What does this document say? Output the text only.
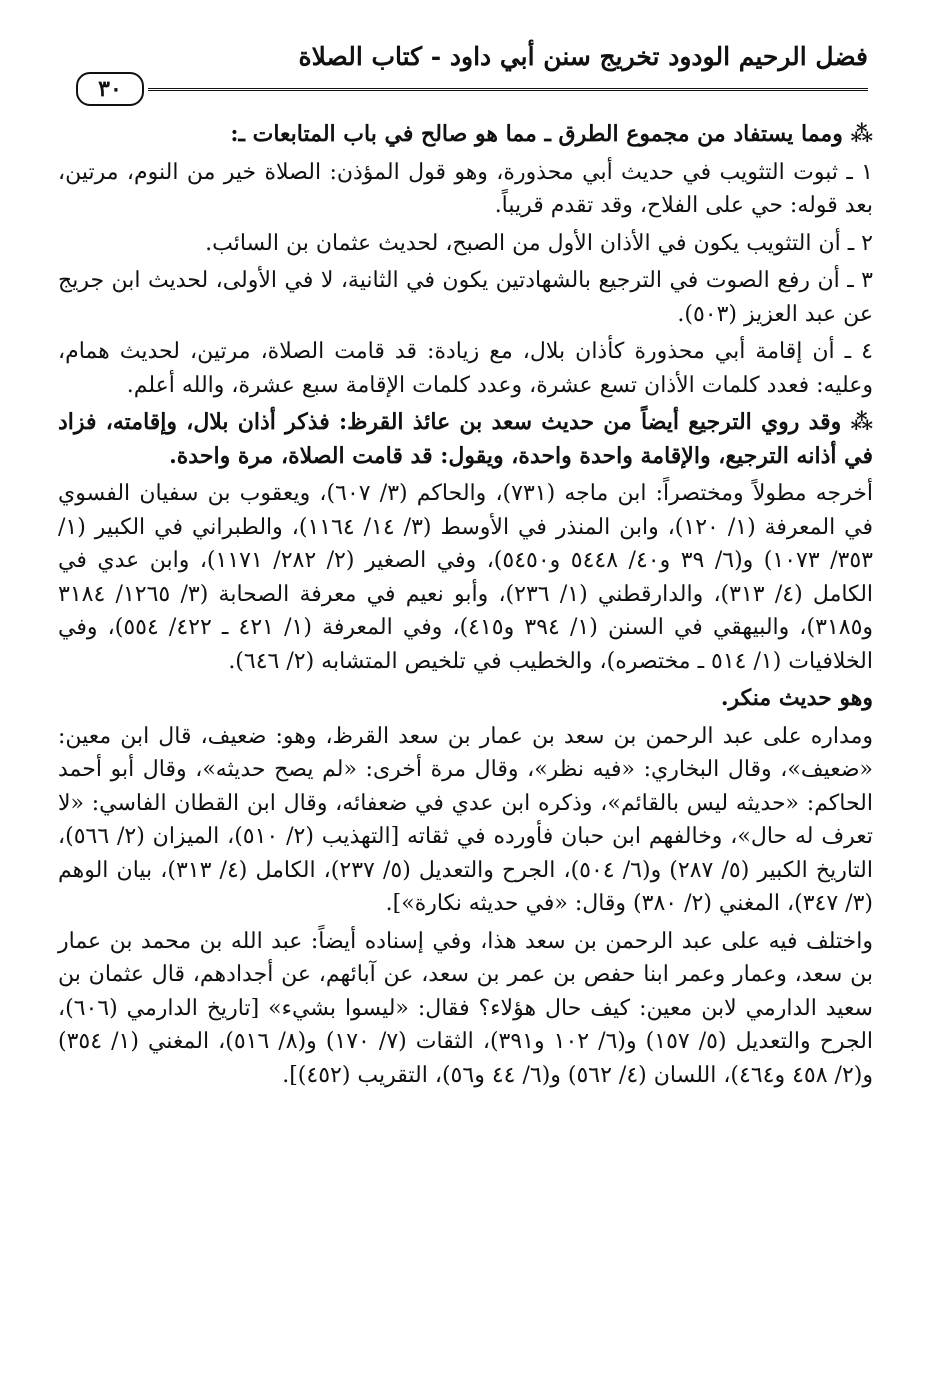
فضل الرحيم الودود تخريج سنن أبي داود - كتاب الصلاة
٣٠

⁂ ومما يستفاد من مجموع الطرق ـ مما هو صالح في باب المتابعات ـ:

١ ـ ثبوت التثويب في حديث أبي محذورة، وهو قول المؤذن: الصلاة خير من النوم، مرتين، بعد قوله: حي على الفلاح، وقد تقدم قريباً.

٢ ـ أن التثويب يكون في الأذان الأول من الصبح، لحديث عثمان بن السائب.

٣ ـ أن رفع الصوت في الترجيع بالشهادتين يكون في الثانية، لا في الأولى، لحديث ابن جريج عن عبد العزيز (٥٠٣).

٤ ـ أن إقامة أبي محذورة كأذان بلال، مع زيادة: قد قامت الصلاة، مرتين، لحديث همام، وعليه: فعدد كلمات الأذان تسع عشرة، وعدد كلمات الإقامة سبع عشرة، والله أعلم.

⁂ وقد روي الترجيع أيضاً من حديث سعد بن عائذ القرظ: فذكر أذان بلال، وإقامته، فزاد في أذانه الترجيع، والإقامة واحدة واحدة، ويقول: قد قامت الصلاة، مرة واحدة.

أخرجه مطولاً ومختصراً: ابن ماجه (٧٣١)، والحاكم (٣/ ٦٠٧)، ويعقوب بن سفيان الفسوي في المعرفة (١/ ١٢٠)، وابن المنذر في الأوسط (٣/ ١٤/ ١١٦٤)، والطبراني في الكبير (١/ ٣٥٣/ ١٠٧٣) و(٦/ ٣٩ و٤٠/ ٥٤٤٨ و٥٤٥٠)، وفي الصغير (٢/ ٢٨٢/ ١١٧١)، وابن عدي في الكامل (٤/ ٣١٣)، والدارقطني (١/ ٢٣٦)، وأبو نعيم في معرفة الصحابة (٣/ ١٢٦٥/ ٣١٨٤ و٣١٨٥)، والبيهقي في السنن (١/ ٣٩٤ و٤١٥)، وفي المعرفة (١/ ٤٢١ ـ ٤٢٢/ ٥٥٤)، وفي الخلافيات (١/ ٥١٤ ـ مختصره)، والخطيب في تلخيص المتشابه (٢/ ٦٤٦).

وهو حديث منكر.

ومداره على عبد الرحمن بن سعد بن عمار بن سعد القرظ، وهو: ضعيف، قال ابن معين: «ضعيف»، وقال البخاري: «فيه نظر»، وقال مرة أخرى: «لم يصح حديثه»، وقال أبو أحمد الحاكم: «حديثه ليس بالقائم»، وذكره ابن عدي في ضعفائه، وقال ابن القطان الفاسي: «لا تعرف له حال»، وخالفهم ابن حبان فأورده في ثقاته [التهذيب (٢/ ٥١٠)، الميزان (٢/ ٥٦٦)، التاريخ الكبير (٥/ ٢٨٧) و(٦/ ٥٠٤)، الجرح والتعديل (٥/ ٢٣٧)، الكامل (٤/ ٣١٣)، بيان الوهم (٣/ ٣٤٧)، المغني (٢/ ٣٨٠) وقال: «في حديثه نكارة»].

واختلف فيه على عبد الرحمن بن سعد هذا، وفي إسناده أيضاً: عبد الله بن محمد بن عمار بن سعد، وعمار وعمر ابنا حفص بن عمر بن سعد، عن آبائهم، عن أجدادهم، قال عثمان بن سعيد الدارمي لابن معين: كيف حال هؤلاء؟ فقال: «ليسوا بشيء» [تاريخ الدارمي (٦٠٦)، الجرح والتعديل (٥/ ١٥٧) و(٦/ ١٠٢ و٣٩١)، الثقات (٧/ ١٧٠) و(٨/ ٥١٦)، المغني (١/ ٣٥٤) و(٢/ ٤٥٨ و٤٦٤)، اللسان (٤/ ٥٦٢) و(٦/ ٤٤ و٥٦)، التقريب (٤٥٢)].
